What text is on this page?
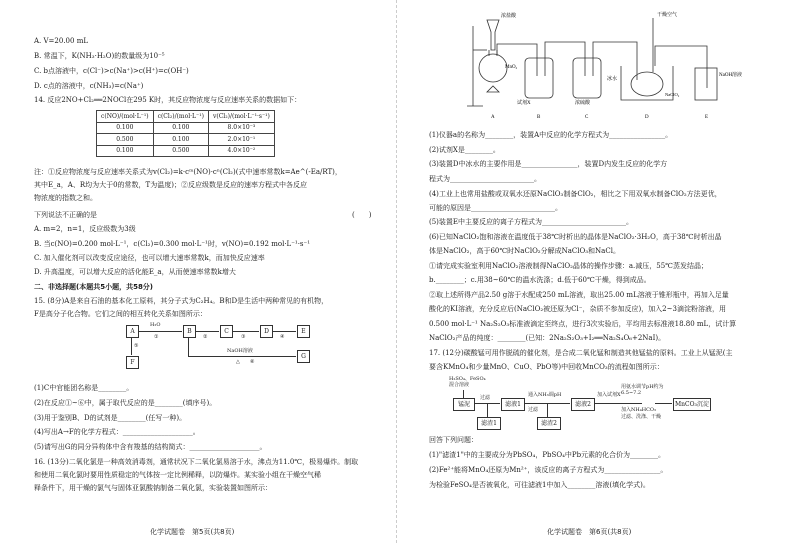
A. V=20.00 mL
B. 常温下，K(NH₃·H₂O)的数量级为10⁻⁵
C. b点溶液中，c(Cl⁻)>c(Na⁺)>c(H⁺)=c(OH⁻)
D. c点的溶液中，c(NH₃)=c(Na⁺)
14. 反应2NO+Cl₂══2NOCl在295 K时，其反应物浓度与反应速率关系的数据如下：
c(NO)/(mol·L⁻¹)	c(Cl₂)/(mol·L⁻¹)	v(Cl₂)/(mol·L⁻¹·s⁻¹)
0.100	0.100	8.0×10⁻³
0.500	0.100	2.0×10⁻¹
0.100	0.500	4.0×10⁻²
注：①反应物浓度与反应速率关系式为v(Cl₂)=k·cᵐ(NO)·cⁿ(Cl₂)(式中速率常数k=Ae^(-Ea/RT)，
其中E_a，A、R均为大于0的常数，T为温度)；②反应级数是反应的速率方程式中各反应
物浓度的指数之和。
下列说法不正确的是	(　　)
A. m=2，n=1，反应级数为3级
B. 当c(NO)=0.200 mol·L⁻¹，c(Cl₂)=0.300 mol·L⁻¹时，v(NO)=0.192 mol·L⁻¹·s⁻¹
C. 加入催化剂可以改变反应途径，也可以增大速率常数k，而加快反应速率
D. 升高温度，可以增大反应的活化能E_a，从而使速率常数k增大
二、非选择题(本题共5小题，共58分)
15. (8分)A是来自石油的基本化工原料，其分子式为C₂H₄。B和D是生活中两种常见的有机物，
F是高分子化合物。它们之间的相互转化关系如图所示：
A	B	C	D	E
F
G
H₂O
①	②	③	④
⑤
NaOH溶液
△ ⑥
(1)C中官能团名称是________。
(2)在反应①~⑥中，属于取代反应的是________(填序号)。
(3)用于鉴别B、D的试剂是________(任写一种)。
(4)写出A→F的化学方程式：____________________。
(5)请写出G的同分异构体中含有羧基的结构简式：____________________。
16. (13分)二氧化氯是一种高效消毒剂，通常状况下二氧化氯易溶于水，沸点为11.0℃，极易爆炸。制取
和使用二氧化氯时要用性质稳定的气体按一定比例稀释，以防爆炸。某实验小组在干燥空气稀
释条件下，用干燥的氯气与固体亚氯酸钠制备二氧化氯，实验装置如图所示：
化学试题卷　第5页(共8页)
浓盐酸
MnO₂
试剂X	浓硫酸
干燥空气
冰水
NaClO₂
NaOH溶液
A	B	C	D	E
(1)仪器a的名称为________，装置A中反应的化学方程式为________________。
(2)试剂X是________。
(3)装置D中冰水的主要作用是________________，装置D内发生反应的化学方
程式为________________________。
(4)工业上也常用盐酸或双氧水还原NaClO₃制备ClO₂，相比之下用双氧水制备ClO₂方法更优，
可能的原因是________________________。
(5)装置E中主要反应的离子方程式为________________________。
(6)已知NaClO₂饱和溶液在温度低于38℃时析出的晶体是NaClO₂·3H₂O，高于38℃时析出晶
体是NaClO₂，高于60℃时NaClO₂分解成NaClO₃和NaCl。
①请完成实验室利用NaClO₂溶液制得NaClO₂晶体的操作步骤：a.减压，55℃蒸发结晶；
b.________；c.用38~60℃的温水洗涤；d.低于60℃干燥，得到成品。
②取上述所得产品2.50 g溶于水配成250 mL溶液，取出25.00 mL溶液于锥形瓶中，再加入足量
酸化的KI溶液，充分反应后(NaClO₂被还原为Cl⁻，杂质不参加反应)，加入2~3滴淀粉溶液，用
0.500 mol·L⁻¹ Na₂S₂O₃标准液滴定至终点，进行3次实验后，平均用去标准液18.80 mL，试计算
NaClO₂产品的纯度：________(已知：2Na₂S₂O₃+I₂══Na₂S₄O₆+2NaI)。
17. (12分)碳酸锰可用作脱硫的催化剂，是合成二氧化锰和制造其他锰盐的原料。工业上从锰泥(主
要含KMnO₄和少量MnO、CuO、PbO等)中回收MnCO₃的流程如图所示：
H₂SO₄、FeSO₄混合溶液
锰泥
过滤
滤液1
滤渣1
通入NH₃调pH
过滤
滤渣2
滤液2
加入试剂X
用氨水调节pH约为6.5~7.2
加入NH₄HCO₃
过滤、洗涤、干燥
MnCO₃沉淀
回答下列问题：
(1)"滤渣1"中的主要成分为PbSO₄，PbSO₄中Pb元素的化合价为________。
(2)Fe²⁺能将MnO₄还原为Mn²⁺，该反应的离子方程式为________________。
为检验FeSO₄是否被氧化，可往滤液1中加入________溶液(填化学式)。
化学试题卷　第6页(共8页)
